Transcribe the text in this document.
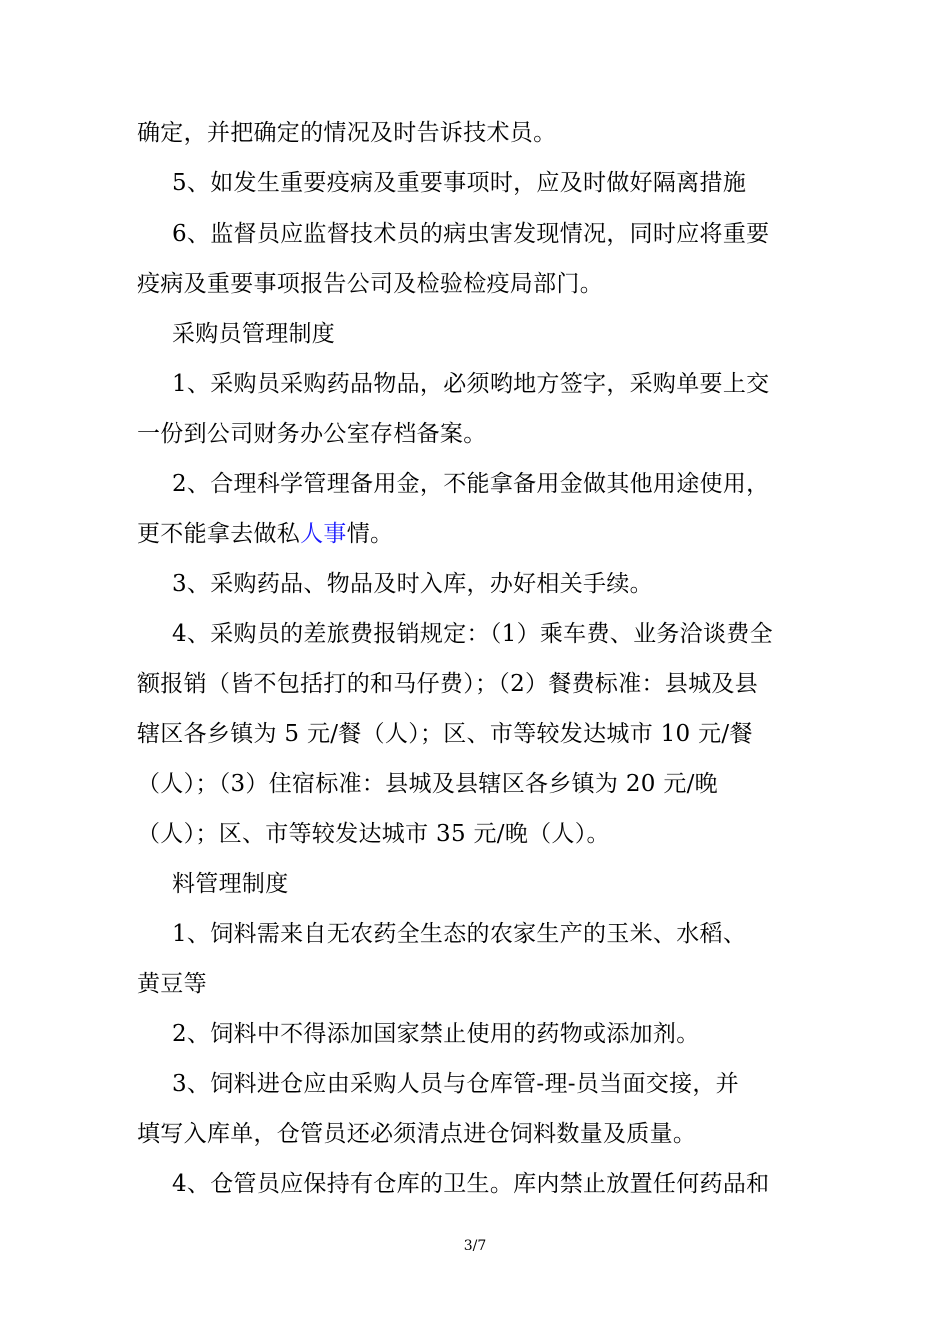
确定，并把确定的情况及时告诉技术员。
5、如发生重要疫病及重要事项时，应及时做好隔离措施
6、监督员应监督技术员的病虫害发现情况，同时应将重要
疫病及重要事项报告公司及检验检疫局部门。
采购员管理制度
1、采购员采购药品物品，必须哟地方签字，采购单要上交
一份到公司财务办公室存档备案。
2、合理科学管理备用金，不能拿备用金做其他用途使用，
更不能拿去做私人事情。
3、采购药品、物品及时入库，办好相关手续。
4、采购员的差旅费报销规定：（1）乘车费、业务洽谈费全
额报销（皆不包括打的和马仔费）；（2）餐费标准：县城及县
辖区各乡镇为 5 元/餐（人）；区、市等较发达城市 10 元/餐
（人）；（3）住宿标准：县城及县辖区各乡镇为 20 元/晚
（人）；区、市等较发达城市 35 元/晚（人）。
料管理制度
1、饲料需来自无农药全生态的农家生产的玉米、水稻、
黄豆等
2、饲料中不得添加国家禁止使用的药物或添加剂。
3、饲料进仓应由采购人员与仓库管-理-员当面交接，并
填写入库单，仓管员还必须清点进仓饲料数量及质量。
4、仓管员应保持有仓库的卫生。库内禁止放置任何药品和
3/7
